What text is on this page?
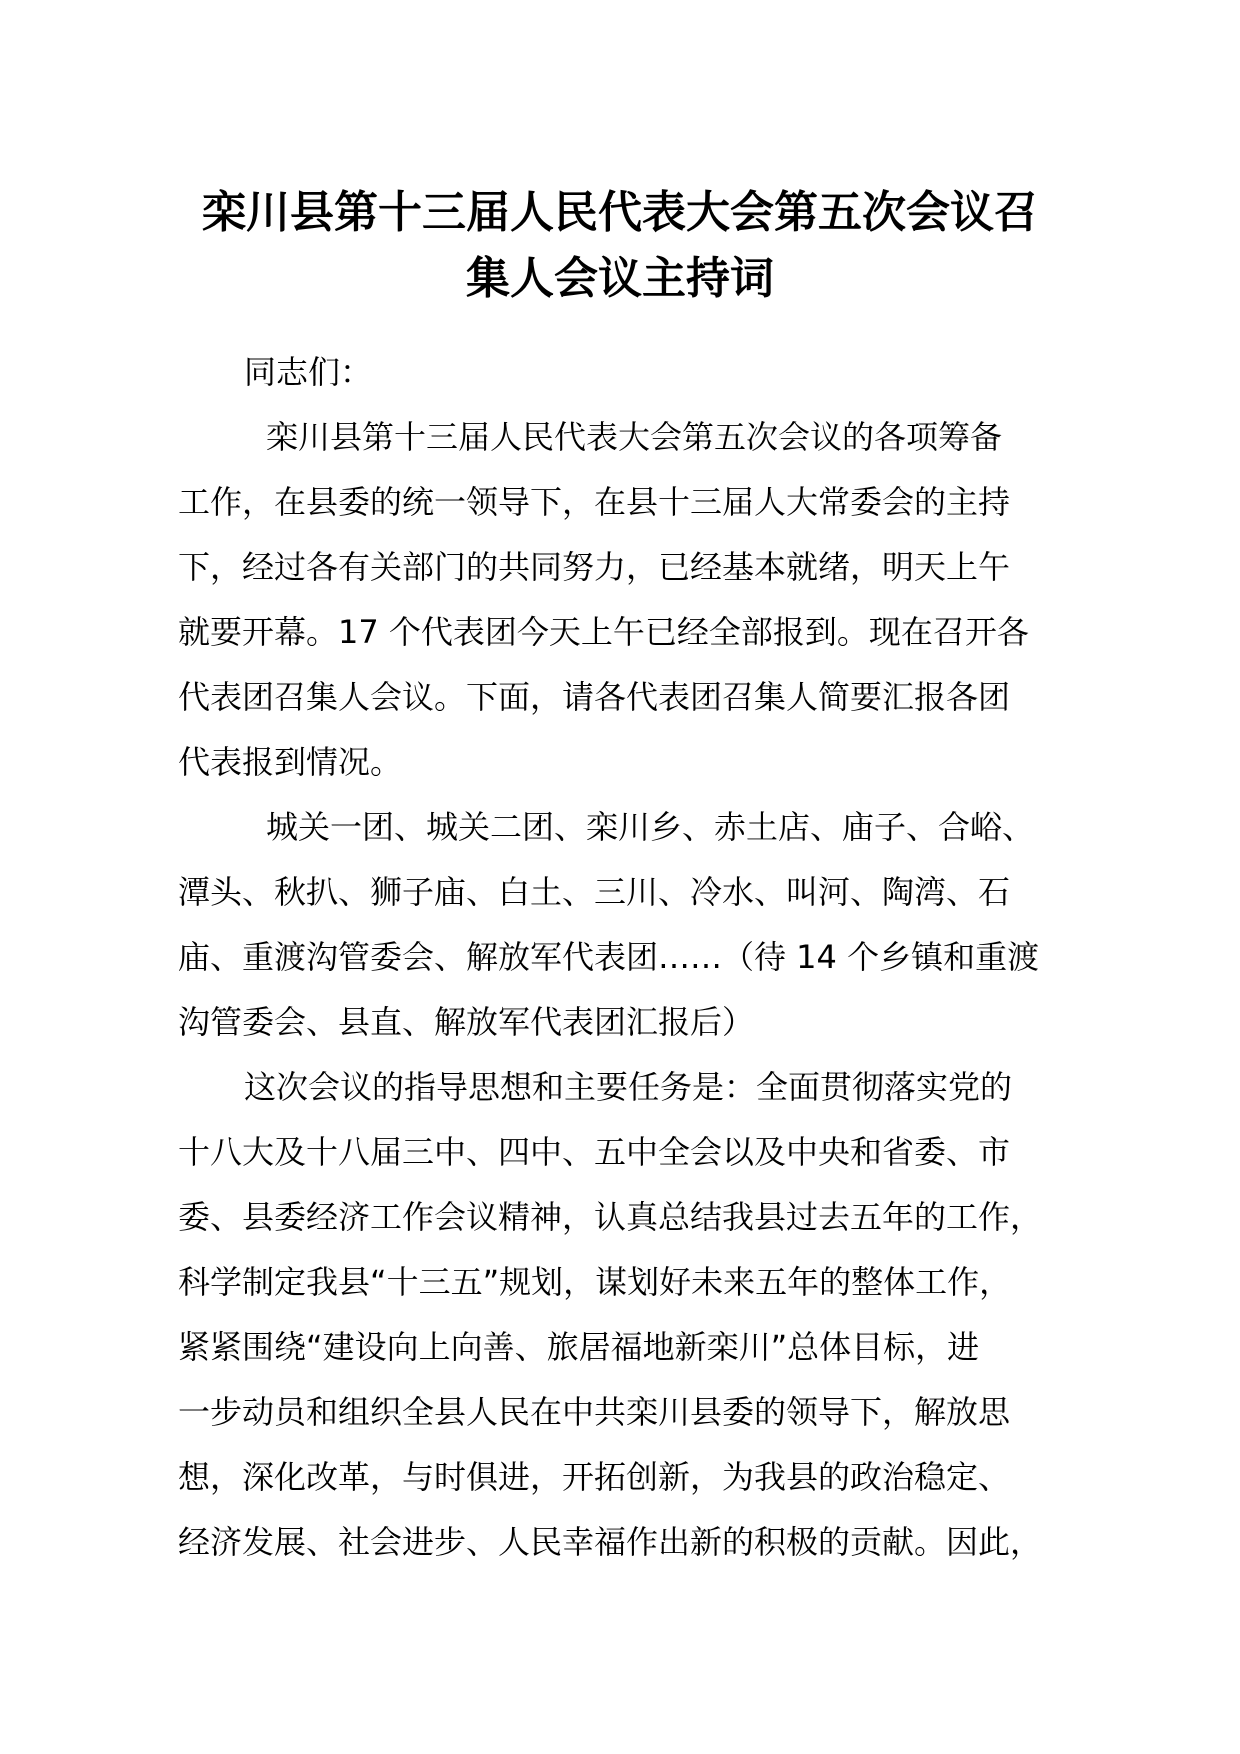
栾川县第十三届人民代表大会第五次会议召
集人会议主持词
同志们：
栾川县第十三届人民代表大会第五次会议的各项筹备
工作，在县委的统一领导下，在县十三届人大常委会的主持
下，经过各有关部门的共同努力，已经基本就绪，明天上午
就要开幕。17 个代表团今天上午已经全部报到。现在召开各
代表团召集人会议。下面，请各代表团召集人简要汇报各团
代表报到情况。
城关一团、城关二团、栾川乡、赤土店、庙子、合峪、
潭头、秋扒、狮子庙、白土、三川、冷水、叫河、陶湾、石
庙、重渡沟管委会、解放军代表团……（待 14 个乡镇和重渡
沟管委会、县直、解放军代表团汇报后）
这次会议的指导思想和主要任务是：全面贯彻落实党的
十八大及十八届三中、四中、五中全会以及中央和省委、市
委、县委经济工作会议精神，认真总结我县过去五年的工作，
科学制定我县“十三五”规划，谋划好未来五年的整体工作，
紧紧围绕“建设向上向善、旅居福地新栾川”总体目标，进
一步动员和组织全县人民在中共栾川县委的领导下，解放思
想，深化改革，与时俱进，开拓创新，为我县的政治稳定、
经济发展、社会进步、人民幸福作出新的积极的贡献。因此，
